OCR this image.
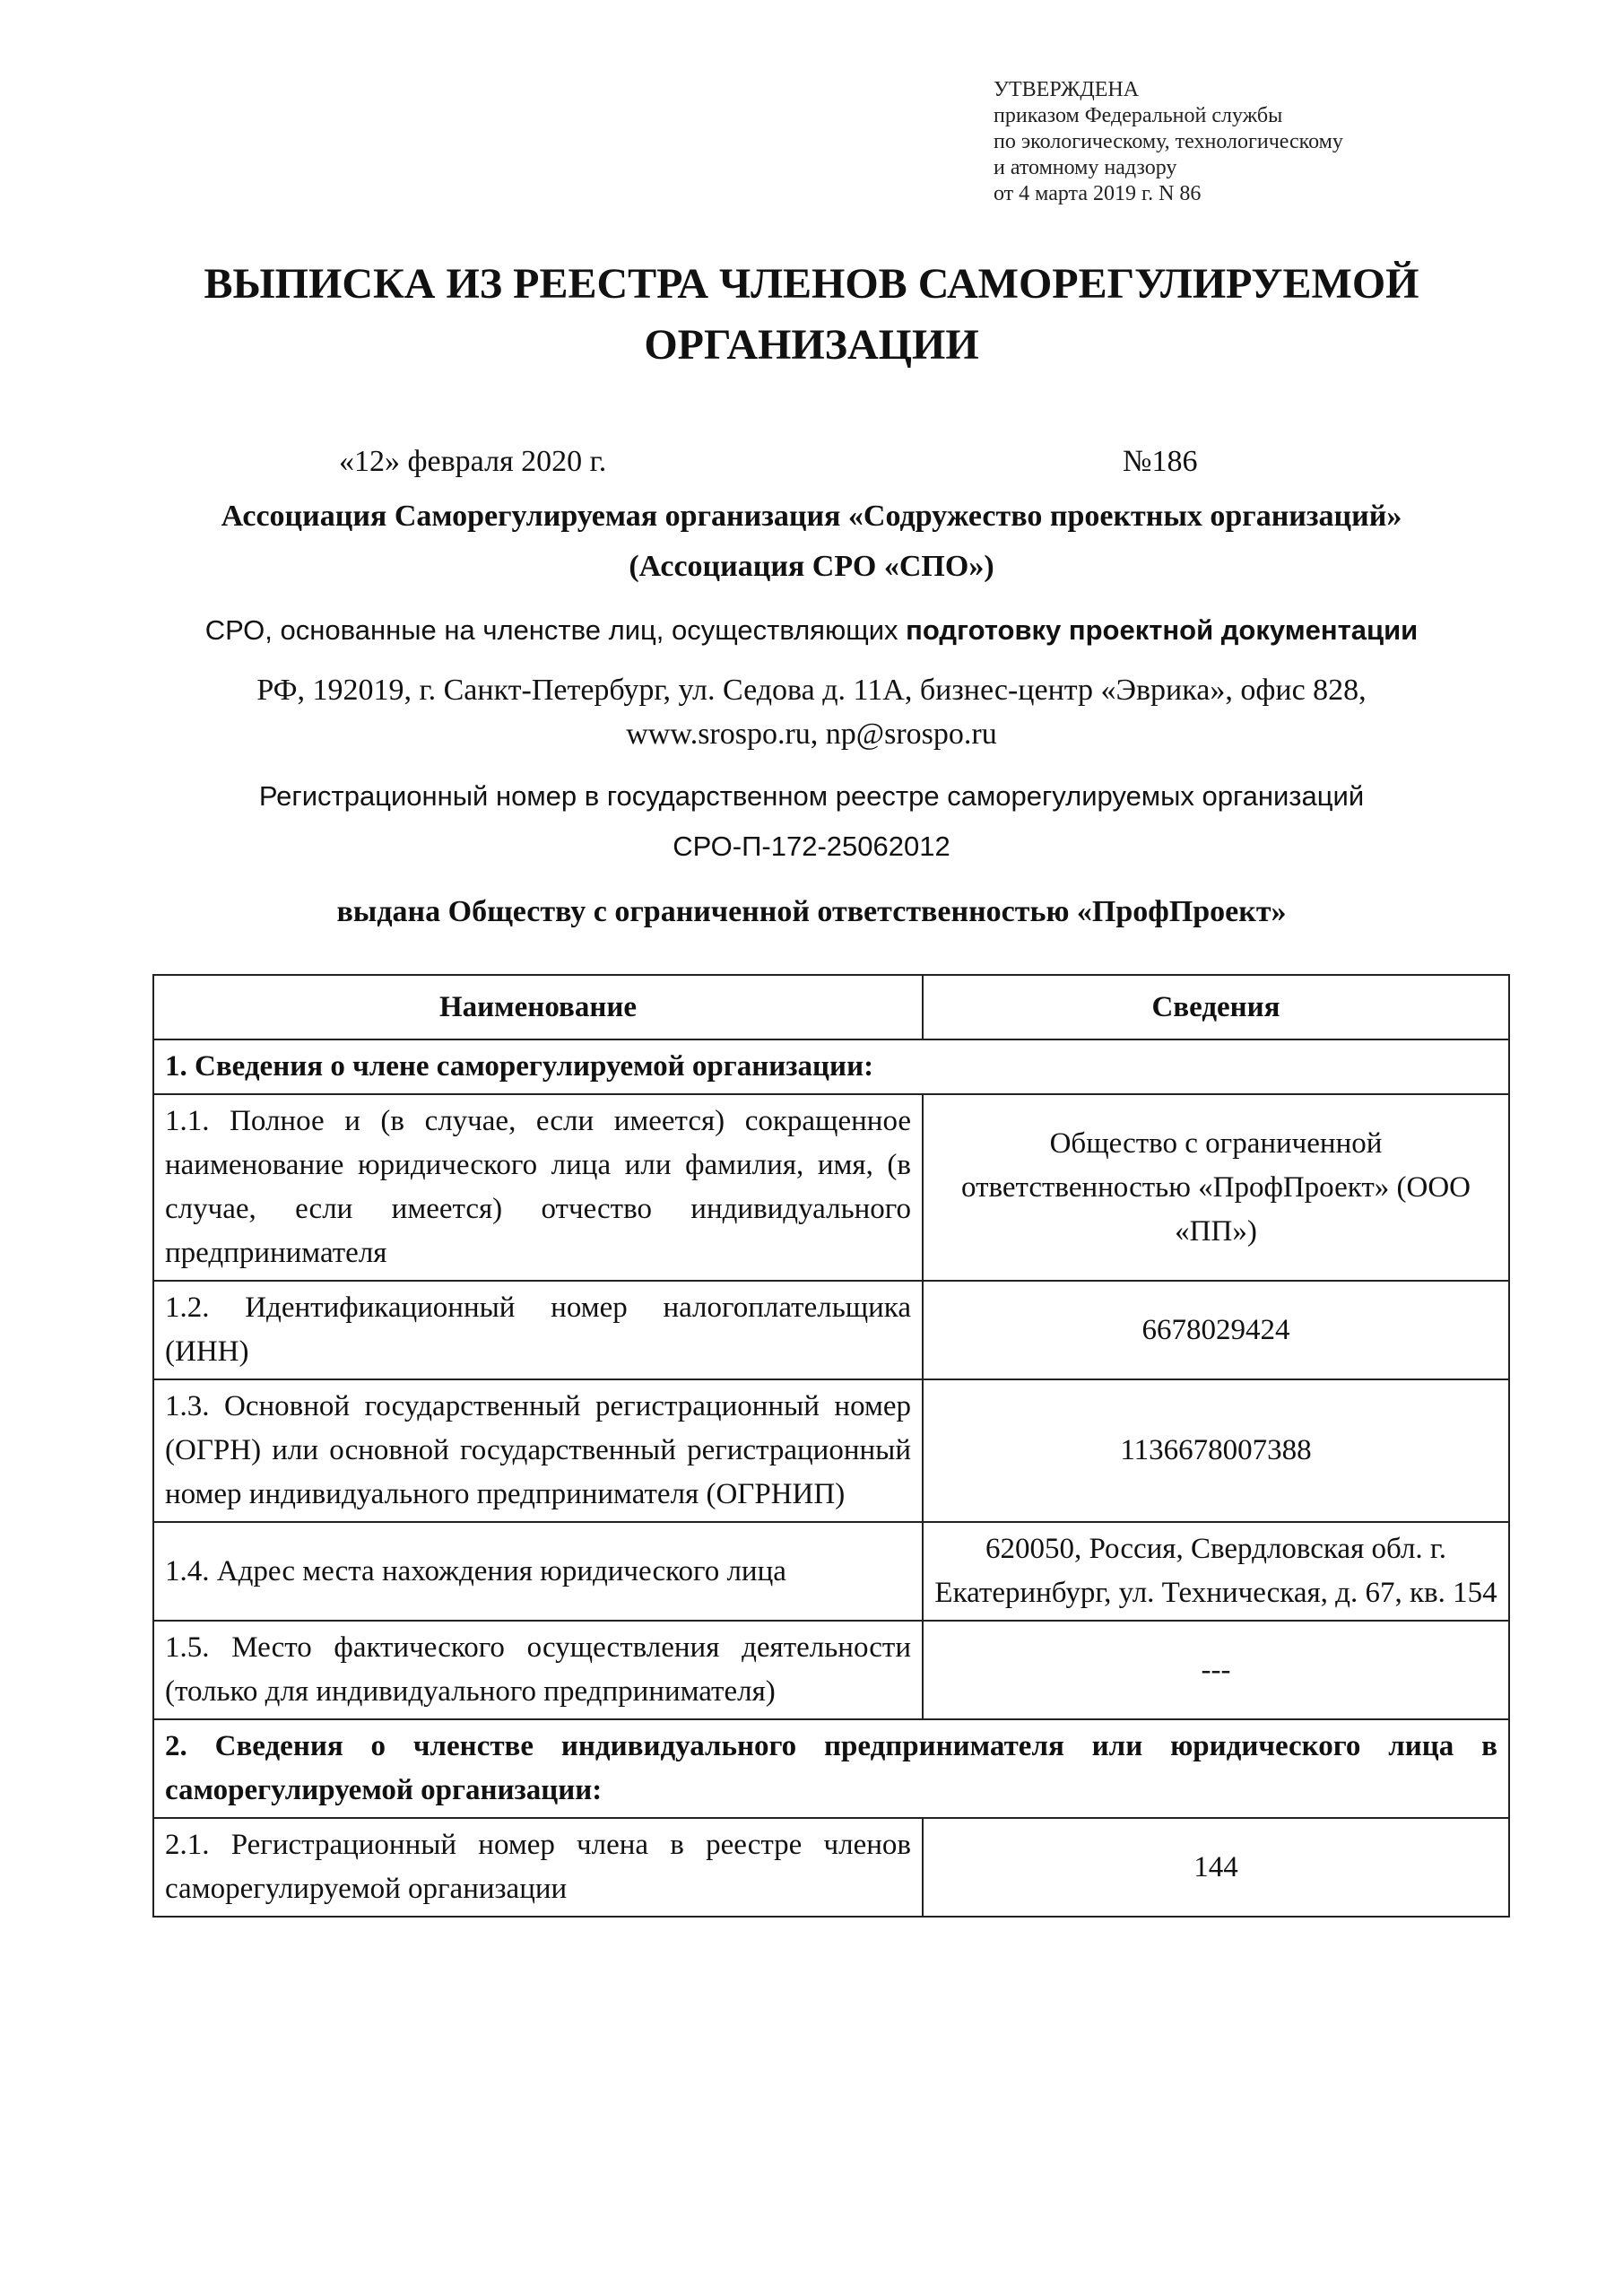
УТВЕРЖДЕНА
приказом Федеральной службы
по экологическому, технологическому
и атомному надзору
от 4 марта 2019 г. N 86
ВЫПИСКА ИЗ РЕЕСТРА ЧЛЕНОВ САМОРЕГУЛИРУЕМОЙ
ОРГАНИЗАЦИИ
«12» февраля 2020 г.	№186
Ассоциация Саморегулируемая организация «Содружество проектных организаций»
(Ассоциация СРО «СПО»)
СРО, основанные на членстве лиц, осуществляющих подготовку проектной документации
РФ, 192019, г. Санкт-Петербург, ул. Седова д. 11А, бизнес-центр «Эврика», офис 828,
www.srospo.ru, np@srospo.ru
Регистрационный номер в государственном реестре саморегулируемых организаций
СРО-П-172-25062012
выдана Обществу с ограниченной ответственностью «ПрофПроект»
Наименование	Сведения
1. Сведения о члене саморегулируемой организации:	
1.1. Полное и (в случае, если имеется) сокращенное наименование юридического лица или фамилия, имя, (в случае, если имеется) отчество индивидуального предпринимателя	Общество с ограниченной ответственностью «ПрофПроект» (ООО «ПП»)
1.2. Идентификационный номер налогоплательщика (ИНН)	6678029424
1.3. Основной государственный регистрационный номер (ОГРН) или основной государственный регистрационный номер индивидуального предпринимателя (ОГРНИП)	1136678007388
1.4. Адрес места нахождения юридического лица	620050, Россия, Свердловская обл. г. Екатеринбург, ул. Техническая, д. 67, кв. 154
1.5. Место фактического осуществления деятельности (только для индивидуального предпринимателя)	---
2. Сведения о членстве индивидуального предпринимателя или юридического лица в саморегулируемой организации:	
2.1. Регистрационный номер члена в реестре членов саморегулируемой организации	144
